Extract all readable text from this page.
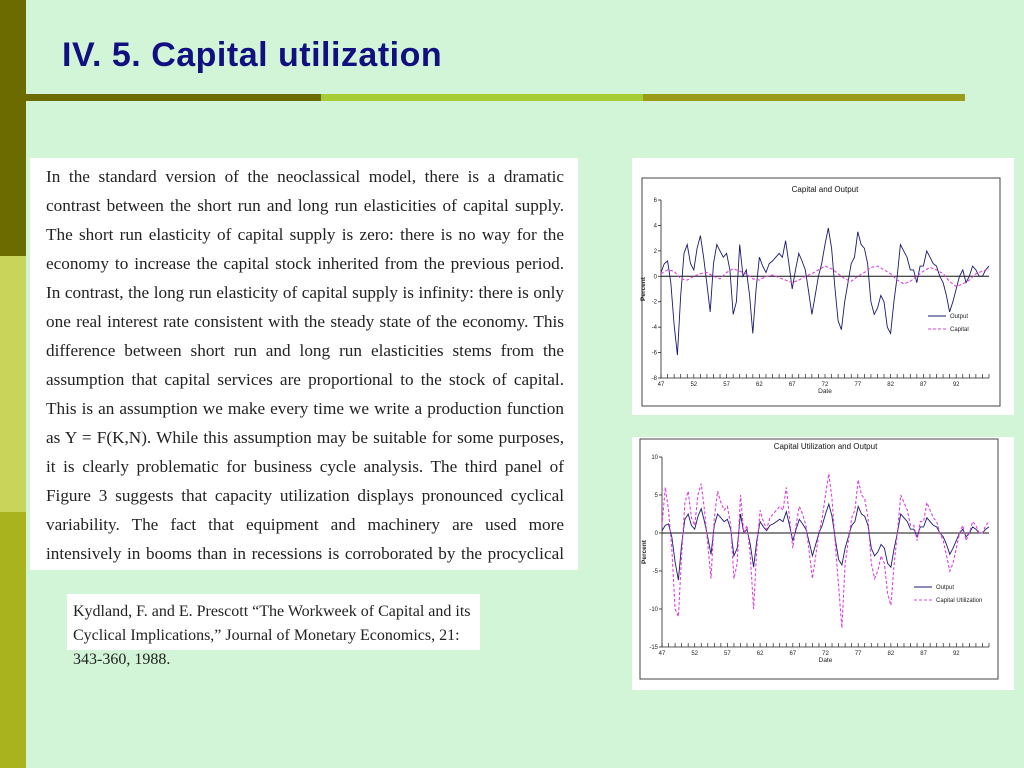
IV. 5. Capital utilization

In the standard version of the neoclassical model, there is a dramatic contrast between the short run and long run elasticities of capital supply. The short run elasticity of capital supply is zero: there is no way for the economy to increase the capital stock inherited from the previous period. In contrast, the long run elasticity of capital supply is infinity: there is only one real interest rate consistent with the steady state of the economy. This difference between short run and long run elasticities stems from the assumption that capital services are proportional to the stock of capital. This is an assumption we make every time we write a production function as Y = F(K,N). While this assumption may be suitable for some purposes, it is clearly problematic for business cycle analysis. The third panel of Figure 3 suggests that capacity utilization displays pronounced cyclical variability. The fact that equipment and machinery are used more intensively in booms than in recessions is corroborated by the procyclical

Kydland, F. and E. Prescott “The Workweek of Capital and its Cyclical Implications,” Journal of Monetary Economics, 21: 343-360, 1988.

Capital and Output
6
4
2
0
-2
-4
-6
-8
Percent
47	52	57	62	67	72	77	82	87	92
Date
Output
Capital
Capital Utilization and Output
10
5
0
-5
-10
-15
Percent
47	52	57	62	67	72	77	82	87	92
Date
Output
Capital Utilization
